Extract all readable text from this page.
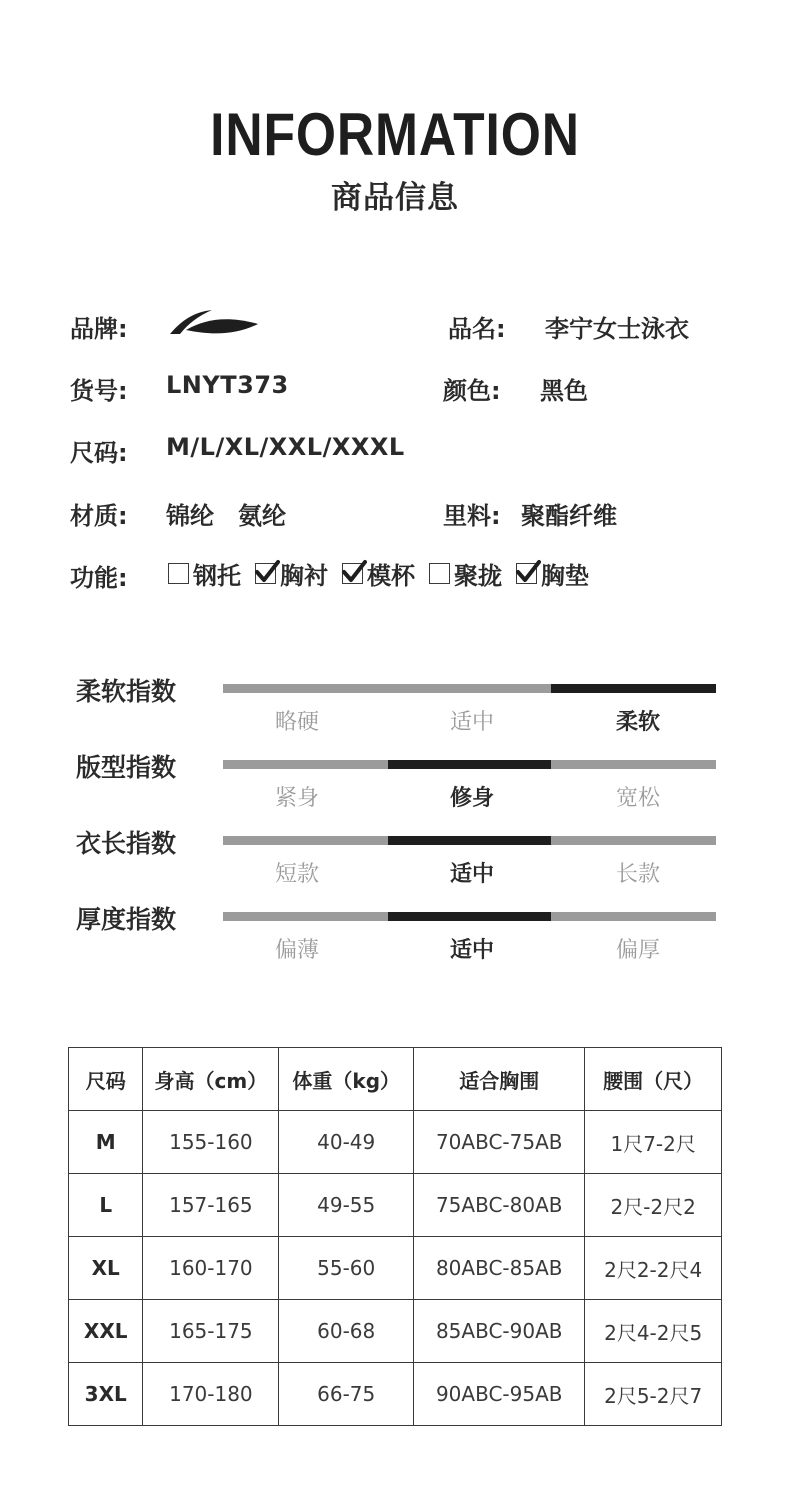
INFORMATION
商品信息
品牌:	品名: 李宁女士泳衣
货号: LNYT373	颜色: 黑色
尺码: M/L/XL/XXL/XXXL
材质: 锦纶　氨纶	里料: 聚酯纤维
功能:	钢托 胸衬 模杯 聚拢 胸垫
柔软指数
略硬	适中	柔软
版型指数
紧身	修身	宽松
衣长指数
短款	适中	长款
厚度指数
偏薄	适中	偏厚
尺码	身高（cm）	体重（kg）	适合胸围	腰围（尺）
M	155-160	40-49	70ABC-75AB	1尺7-2尺
L	157-165	49-55	75ABC-80AB	2尺-2尺2
XL	160-170	55-60	80ABC-85AB	2尺2-2尺4
XXL	165-175	60-68	85ABC-90AB	2尺4-2尺5
3XL	170-180	66-75	90ABC-95AB	2尺5-2尺7
